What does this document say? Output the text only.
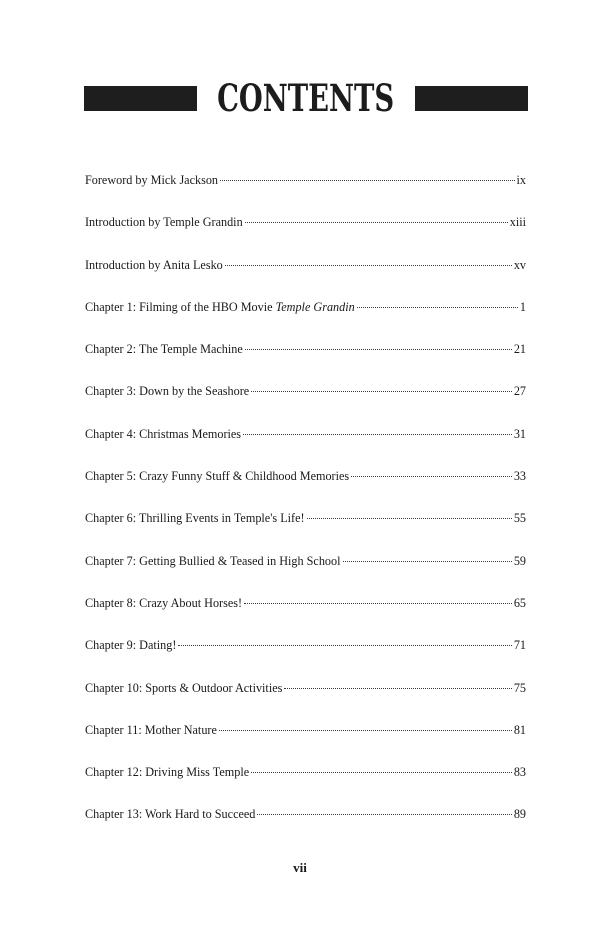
CONTENTS
Foreword by Mick Jackson	ix
Introduction by Temple Grandin	xiii
Introduction by Anita Lesko	xv
Chapter 1: Filming of the HBO Movie Temple Grandin	1
Chapter 2: The Temple Machine	21
Chapter 3: Down by the Seashore	27
Chapter 4: Christmas Memories	31
Chapter 5: Crazy Funny Stuff & Childhood Memories	33
Chapter 6: Thrilling Events in Temple's Life!	55
Chapter 7: Getting Bullied & Teased in High School	59
Chapter 8: Crazy About Horses!	65
Chapter 9: Dating!	71
Chapter 10: Sports & Outdoor Activities	75
Chapter 11: Mother Nature	81
Chapter 12: Driving Miss Temple	83
Chapter 13: Work Hard to Succeed	89
vii
